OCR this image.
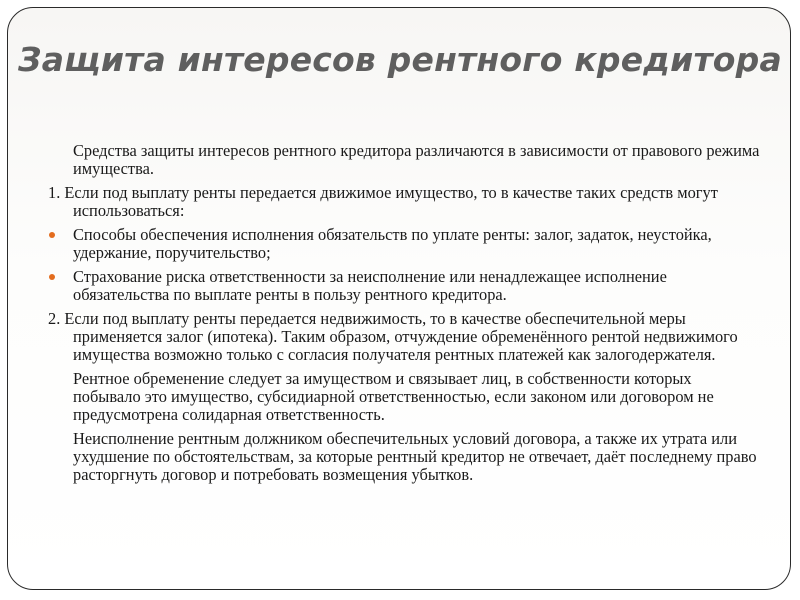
Защита интересов рентного кредитора

Средства защиты интересов рентного кредитора различаются в зависимости от правового режима имущества.

1. Если под выплату ренты передается движимое имущество, то в качестве таких средств могут использоваться:

Способы обеспечения исполнения обязательств по уплате ренты: залог, задаток, неустойка, удержание, поручительство;
Страхование риска ответственности за неисполнение или ненадлежащее исполнение обязательства по выплате ренты в пользу рентного кредитора.

2. Если под выплату ренты передается недвижимость, то в качестве обеспечительной меры применяется залог (ипотека). Таким образом, отчуждение обременённого рентой недвижимого имущества возможно только с согласия получателя рентных платежей как залогодержателя.

Рентное обременение следует за имуществом и связывает лиц, в собственности которых побывало это имущество, субсидиарной ответственностью, если законом или договором не предусмотрена солидарная ответственность.

Неисполнение рентным должником обеспечительных условий договора, а также их утрата или ухудшение по обстоятельствам, за которые рентный кредитор не отвечает, даёт последнему право расторгнуть договор и потребовать возмещения убытков.
